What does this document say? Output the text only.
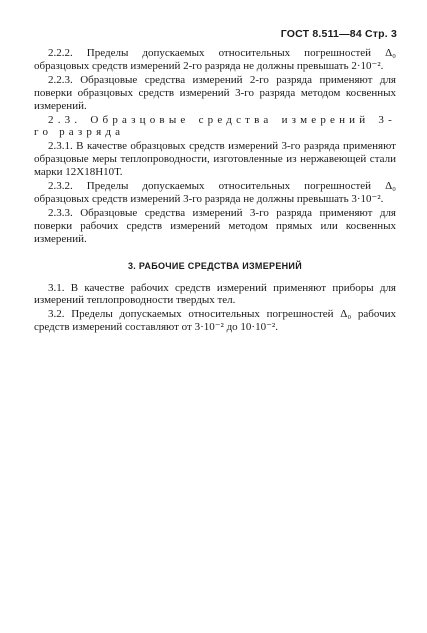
ГОСТ 8.511—84 Стр. 3

2.2.2. Пределы допускаемых относительных погрешностей Δ₀ образцовых средств измерений 2-го разряда не должны превышать 2·10⁻².

2.2.3. Образцовые средства измерений 2-го разряда применяют для поверки образцовых средств измерений 3-го разряда методом косвенных измерений.

2.3. Образцовые средства измерений 3-го разряда

2.3.1. В качестве образцовых средств измерений 3-го разряда применяют образцовые меры теплопроводности, изготовленные из нержавеющей стали марки 12Х18Н10Т.

2.3.2. Пределы допускаемых относительных погрешностей Δ₀ образцовых средств измерений 3-го разряда не должны превышать 3·10⁻².

2.3.3. Образцовые средства измерений 3-го разряда применяют для поверки рабочих средств измерений методом прямых или косвенных измерений.

3. РАБОЧИЕ СРЕДСТВА ИЗМЕРЕНИЙ

3.1. В качестве рабочих средств измерений применяют приборы для измерений теплопроводности твердых тел.

3.2. Пределы допускаемых относительных погрешностей Δ₀ рабочих средств измерений составляют от 3·10⁻² до 10·10⁻².
